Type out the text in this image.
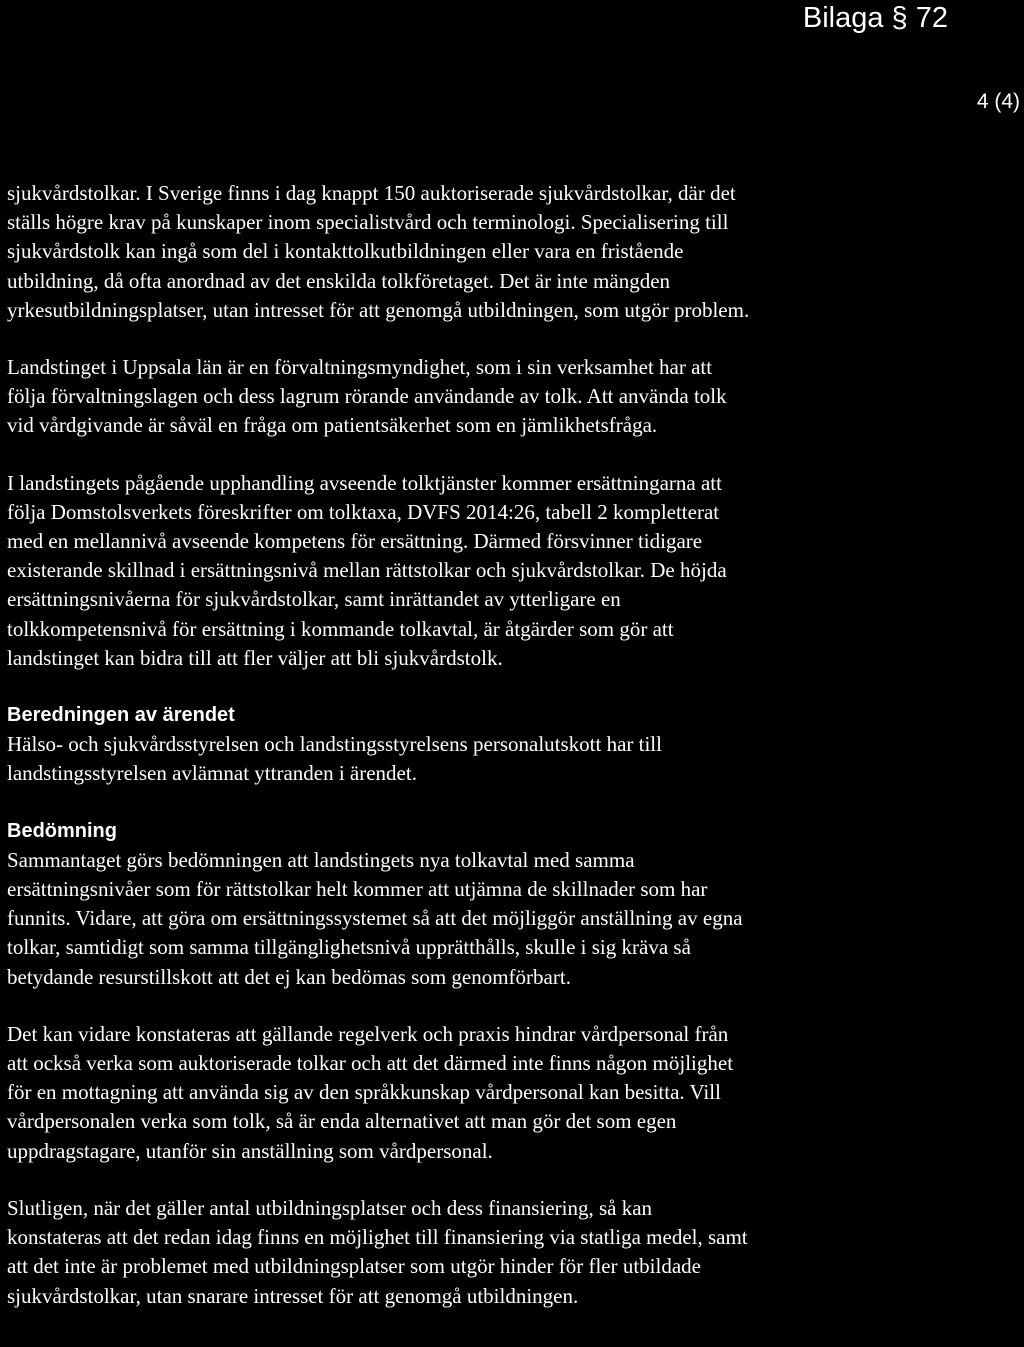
Bilaga § 72
4 (4)

sjukvårdstolkar. I Sverige finns i dag knappt 150 auktoriserade sjukvårdstolkar, där det
ställs högre krav på kunskaper inom specialistvård och terminologi. Specialisering till
sjukvårdstolk kan ingå som del i kontakttolkutbildningen eller vara en fristående
utbildning, då ofta anordnad av det enskilda tolkföretaget. Det är inte mängden
yrkesutbildningsplatser, utan intresset för att genomgå utbildningen, som utgör problem.

Landstinget i Uppsala län är en förvaltningsmyndighet, som i sin verksamhet har att
följa förvaltningslagen och dess lagrum rörande användande av tolk. Att använda tolk
vid vårdgivande är såväl en fråga om patientsäkerhet som en jämlikhetsfråga.

I landstingets pågående upphandling avseende tolktjänster kommer ersättningarna att
följa Domstolsverkets föreskrifter om tolktaxa, DVFS 2014:26, tabell 2 kompletterat
med en mellannivå avseende kompetens för ersättning. Därmed försvinner tidigare
existerande skillnad i ersättningsnivå mellan rättstolkar och sjukvårdstolkar. De höjda
ersättningsnivåerna för sjukvårdstolkar, samt inrättandet av ytterligare en
tolkkompetensnivå för ersättning i kommande tolkavtal, är åtgärder som gör att
landstinget kan bidra till att fler väljer att bli sjukvårdstolk.

Beredningen av ärendet

Hälso- och sjukvårdsstyrelsen och landstingsstyrelsens personalutskott har till
landstingsstyrelsen avlämnat yttranden i ärendet.

Bedömning

Sammantaget görs bedömningen att landstingets nya tolkavtal med samma
ersättningsnivåer som för rättstolkar helt kommer att utjämna de skillnader som har
funnits. Vidare, att göra om ersättningssystemet så att det möjliggör anställning av egna
tolkar, samtidigt som samma tillgänglighetsnivå upprätthålls, skulle i sig kräva så
betydande resurstillskott att det ej kan bedömas som genomförbart.

Det kan vidare konstateras att gällande regelverk och praxis hindrar vårdpersonal från
att också verka som auktoriserade tolkar och att det därmed inte finns någon möjlighet
för en mottagning att använda sig av den språkkunskap vårdpersonal kan besitta. Vill
vårdpersonalen verka som tolk, så är enda alternativet att man gör det som egen
uppdragstagare, utanför sin anställning som vårdpersonal.

Slutligen, när det gäller antal utbildningsplatser och dess finansiering, så kan
konstateras att det redan idag finns en möjlighet till finansiering via statliga medel, samt
att det inte är problemet med utbildningsplatser som utgör hinder för fler utbildade
sjukvårdstolkar, utan snarare intresset för att genomgå utbildningen.
